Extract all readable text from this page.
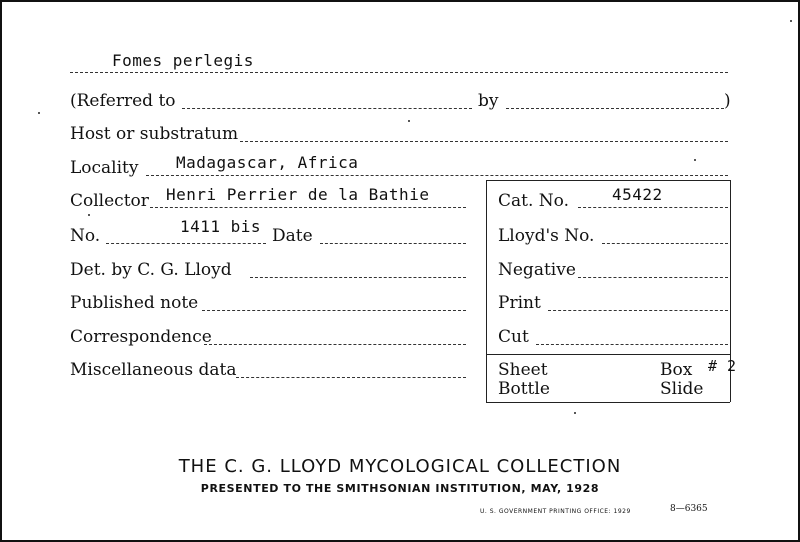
Fomes perlegis
(Referred to	by	)
Host or substratum
Locality Madagascar, Africa
Collector Henri Perrier de la Bathie	Cat. No.	45422
No.	1411 bis Date	Lloyd's No.
Det. by C. G. Lloyd	Negative
Published note	Print
Correspondence	Cut
Miscellaneous data	Sheet	Box # 2
Bottle	Slide
THE C. G. LLOYD MYCOLOGICAL COLLECTION
PRESENTED TO THE SMITHSONIAN INSTITUTION, MAY, 1928
U. S. GOVERNMENT PRINTING OFFICE: 1929	8—6365
